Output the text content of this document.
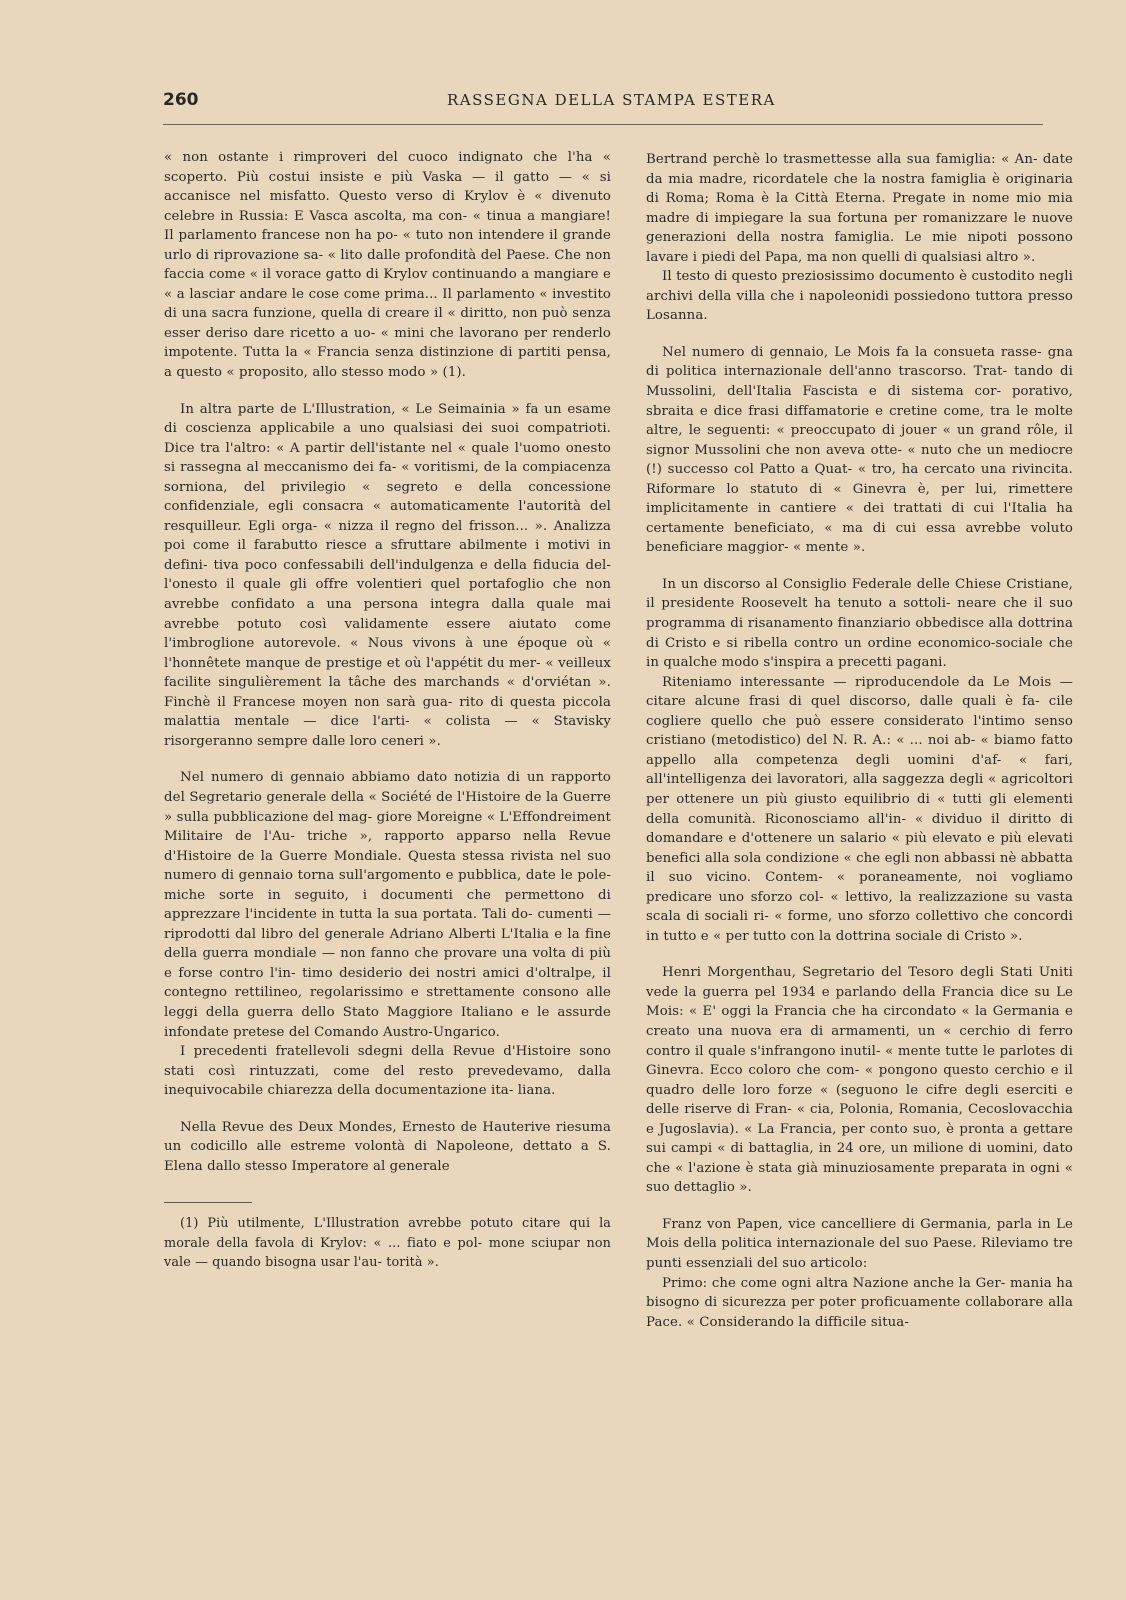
260	RASSEGNA DELLA STAMPA ESTERA

« non ostante i rimproveri del cuoco indignato che l'ha « scoperto. Più costui insiste e più Vaska — il gatto — « si accanisce nel misfatto. Questo verso di Krylov è « divenuto celebre in Russia: E Vasca ascolta, ma con- « tinua a mangiare! Il parlamento francese non ha po- « tuto non intendere il grande urlo di riprovazione sa- « lito dalle profondità del Paese. Che non faccia come « il vorace gatto di Krylov continuando a mangiare e « a lasciar andare le cose come prima... Il parlamento « investito di una sacra funzione, quella di creare il « diritto, non può senza esser deriso dare ricetto a uo- « mini che lavorano per renderlo impotente. Tutta la « Francia senza distinzione di partiti pensa, a questo « proposito, allo stesso modo » (1).

In altra parte de L'Illustration, « Le Seimainia » fa un esame di coscienza applicabile a uno qualsiasi dei suoi compatrioti. Dice tra l'altro: « A partir dell'istante nel « quale l'uomo onesto si rassegna al meccanismo dei fa- « voritismi, de la compiacenza sorniona, del privilegio « segreto e della concessione confidenziale, egli consacra « automaticamente l'autorità del resquilleur. Egli orga- « nizza il regno del frisson... ». Analizza poi come il farabutto riesce a sfruttare abilmente i motivi in defini- tiva poco confessabili dell'indulgenza e della fiducia del- l'onesto il quale gli offre volentieri quel portafoglio che non avrebbe confidato a una persona integra dalla quale mai avrebbe potuto così validamente essere aiutato come l'imbroglione autorevole. « Nous vivons à une époque où « l'honnêtete manque de prestige et où l'appétit du mer- « veilleux facilite singulièrement la tâche des marchands « d'orviétan ». Finchè il Francese moyen non sarà gua- rito di questa piccola malattia mentale — dice l'arti- « colista — « Stavisky risorgeranno sempre dalle loro ceneri ».

Nel numero di gennaio abbiamo dato notizia di un rapporto del Segretario generale della « Société de l'Histoire de la Guerre » sulla pubblicazione del mag- giore Moreigne « L'Effondreiment Militaire de l'Au- triche », rapporto apparso nella Revue d'Histoire de la Guerre Mondiale. Questa stessa rivista nel suo numero di gennaio torna sull'argomento e pubblica, date le pole- miche sorte in seguito, i documenti che permettono di apprezzare l'incidente in tutta la sua portata. Tali do- cumenti — riprodotti dal libro del generale Adriano Alberti L'Italia e la fine della guerra mondiale — non fanno che provare una volta di più e forse contro l'in- timo desiderio dei nostri amici d'oltralpe, il contegno rettilineo, regolarissimo e strettamente consono alle leggi della guerra dello Stato Maggiore Italiano e le assurde infondate pretese del Comando Austro-Ungarico.

I precedenti fratellevoli sdegni della Revue d'Histoire sono stati così rintuzzati, come del resto prevedevamo, dalla inequivocabile chiarezza della documentazione ita- liana.

Nella Revue des Deux Mondes, Ernesto de Hauterive riesuma un codicillo alle estreme volontà di Napoleone, dettato a S. Elena dallo stesso Imperatore al generale

(1) Più utilmente, L'Illustration avrebbe potuto citare qui la morale della favola di Krylov: « ... fiato e pol- mone sciupar non vale — quando bisogna usar l'au- torità ».

Bertrand perchè lo trasmettesse alla sua famiglia: « An- date da mia madre, ricordatele che la nostra famiglia è originaria di Roma; Roma è la Città Eterna. Pregate in nome mio mia madre di impiegare la sua fortuna per romanizzare le nuove generazioni della nostra famiglia. Le mie nipoti possono lavare i piedi del Papa, ma non quelli di qualsiasi altro ».

Il testo di questo preziosissimo documento è custodito negli archivi della villa che i napoleonidi possiedono tuttora presso Losanna.

Nel numero di gennaio, Le Mois fa la consueta rasse- gna di politica internazionale dell'anno trascorso. Trat- tando di Mussolini, dell'Italia Fascista e di sistema cor- porativo, sbraita e dice frasi diffamatorie e cretine come, tra le molte altre, le seguenti: « preoccupato di jouer « un grand rôle, il signor Mussolini che non aveva otte- « nuto che un mediocre (!) successo col Patto a Quat- « tro, ha cercato una rivincita. Riformare lo statuto di « Ginevra è, per lui, rimettere implicitamente in cantiere « dei trattati di cui l'Italia ha certamente beneficiato, « ma di cui essa avrebbe voluto beneficiare maggior- « mente ».

In un discorso al Consiglio Federale delle Chiese Cristiane, il presidente Roosevelt ha tenuto a sottoli- neare che il suo programma di risanamento finanziario obbedisce alla dottrina di Cristo e si ribella contro un ordine economico-sociale che in qualche modo s'inspira a precetti pagani.

Riteniamo interessante — riproducendole da Le Mois — citare alcune frasi di quel discorso, dalle quali è fa- cile cogliere quello che può essere considerato l'intimo senso cristiano (metodistico) del N. R. A.: « ... noi ab- « biamo fatto appello alla competenza degli uomini d'af- « fari, all'intelligenza dei lavoratori, alla saggezza degli « agricoltori per ottenere un più giusto equilibrio di « tutti gli elementi della comunità. Riconosciamo all'in- « dividuo il diritto di domandare e d'ottenere un salario « più elevato e più elevati benefici alla sola condizione « che egli non abbassi nè abbatta il suo vicino. Contem- « poraneamente, noi vogliamo predicare uno sforzo col- « lettivo, la realizzazione su vasta scala di sociali ri- « forme, uno sforzo collettivo che concordi in tutto e « per tutto con la dottrina sociale di Cristo ».

Henri Morgenthau, Segretario del Tesoro degli Stati Uniti vede la guerra pel 1934 e parlando della Francia dice su Le Mois: « E' oggi la Francia che ha circondato « la Germania e creato una nuova era di armamenti, un « cerchio di ferro contro il quale s'infrangono inutil- « mente tutte le parlotes di Ginevra. Ecco coloro che com- « pongono questo cerchio e il quadro delle loro forze « (seguono le cifre degli eserciti e delle riserve di Fran- « cia, Polonia, Romania, Cecoslovacchia e Jugoslavia). « La Francia, per conto suo, è pronta a gettare sui campi « di battaglia, in 24 ore, un milione di uomini, dato che « l'azione è stata già minuziosamente preparata in ogni « suo dettaglio ».

Franz von Papen, vice cancelliere di Germania, parla in Le Mois della politica internazionale del suo Paese. Rileviamo tre punti essenziali del suo articolo:

Primo: che come ogni altra Nazione anche la Ger- mania ha bisogno di sicurezza per poter proficuamente collaborare alla Pace. « Considerando la difficile situa-
